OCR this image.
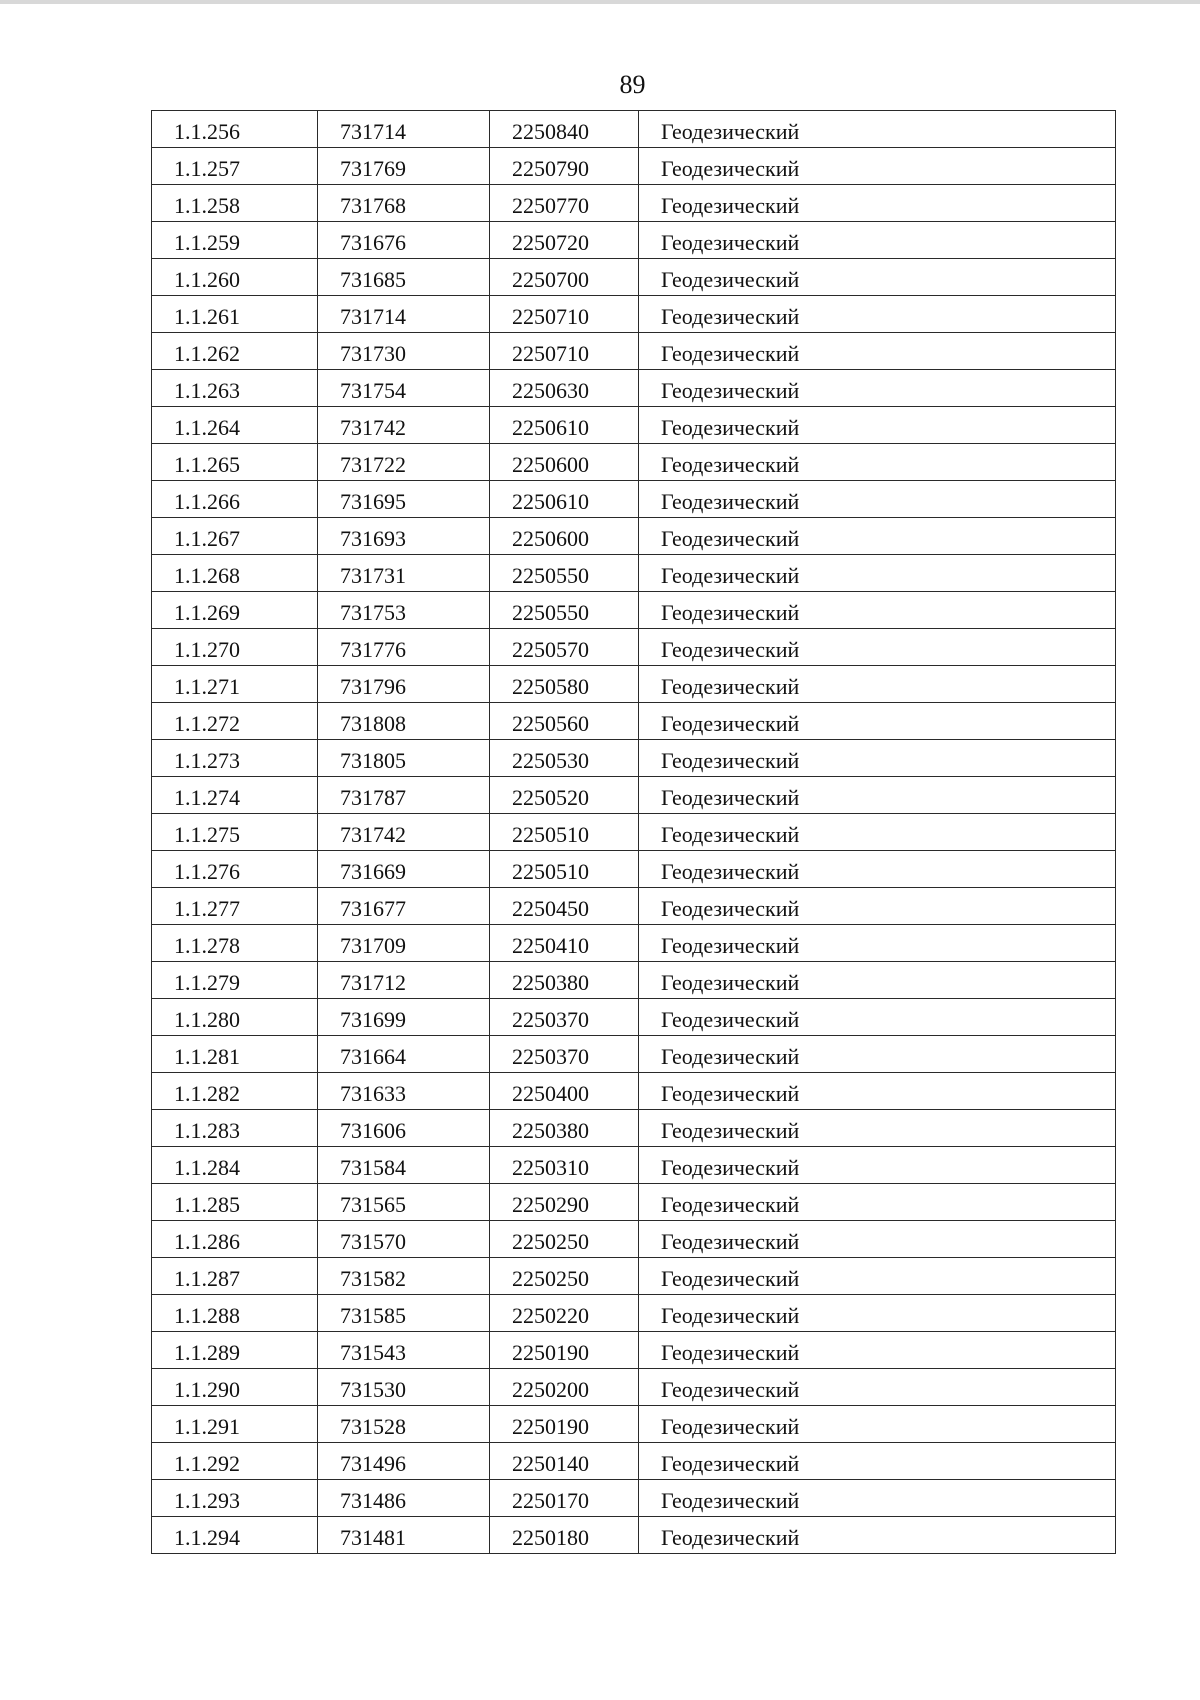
89
1.1.256	731714	2250840	Геодезический
1.1.257	731769	2250790	Геодезический
1.1.258	731768	2250770	Геодезический
1.1.259	731676	2250720	Геодезический
1.1.260	731685	2250700	Геодезический
1.1.261	731714	2250710	Геодезический
1.1.262	731730	2250710	Геодезический
1.1.263	731754	2250630	Геодезический
1.1.264	731742	2250610	Геодезический
1.1.265	731722	2250600	Геодезический
1.1.266	731695	2250610	Геодезический
1.1.267	731693	2250600	Геодезический
1.1.268	731731	2250550	Геодезический
1.1.269	731753	2250550	Геодезический
1.1.270	731776	2250570	Геодезический
1.1.271	731796	2250580	Геодезический
1.1.272	731808	2250560	Геодезический
1.1.273	731805	2250530	Геодезический
1.1.274	731787	2250520	Геодезический
1.1.275	731742	2250510	Геодезический
1.1.276	731669	2250510	Геодезический
1.1.277	731677	2250450	Геодезический
1.1.278	731709	2250410	Геодезический
1.1.279	731712	2250380	Геодезический
1.1.280	731699	2250370	Геодезический
1.1.281	731664	2250370	Геодезический
1.1.282	731633	2250400	Геодезический
1.1.283	731606	2250380	Геодезический
1.1.284	731584	2250310	Геодезический
1.1.285	731565	2250290	Геодезический
1.1.286	731570	2250250	Геодезический
1.1.287	731582	2250250	Геодезический
1.1.288	731585	2250220	Геодезический
1.1.289	731543	2250190	Геодезический
1.1.290	731530	2250200	Геодезический
1.1.291	731528	2250190	Геодезический
1.1.292	731496	2250140	Геодезический
1.1.293	731486	2250170	Геодезический
1.1.294	731481	2250180	Геодезический
